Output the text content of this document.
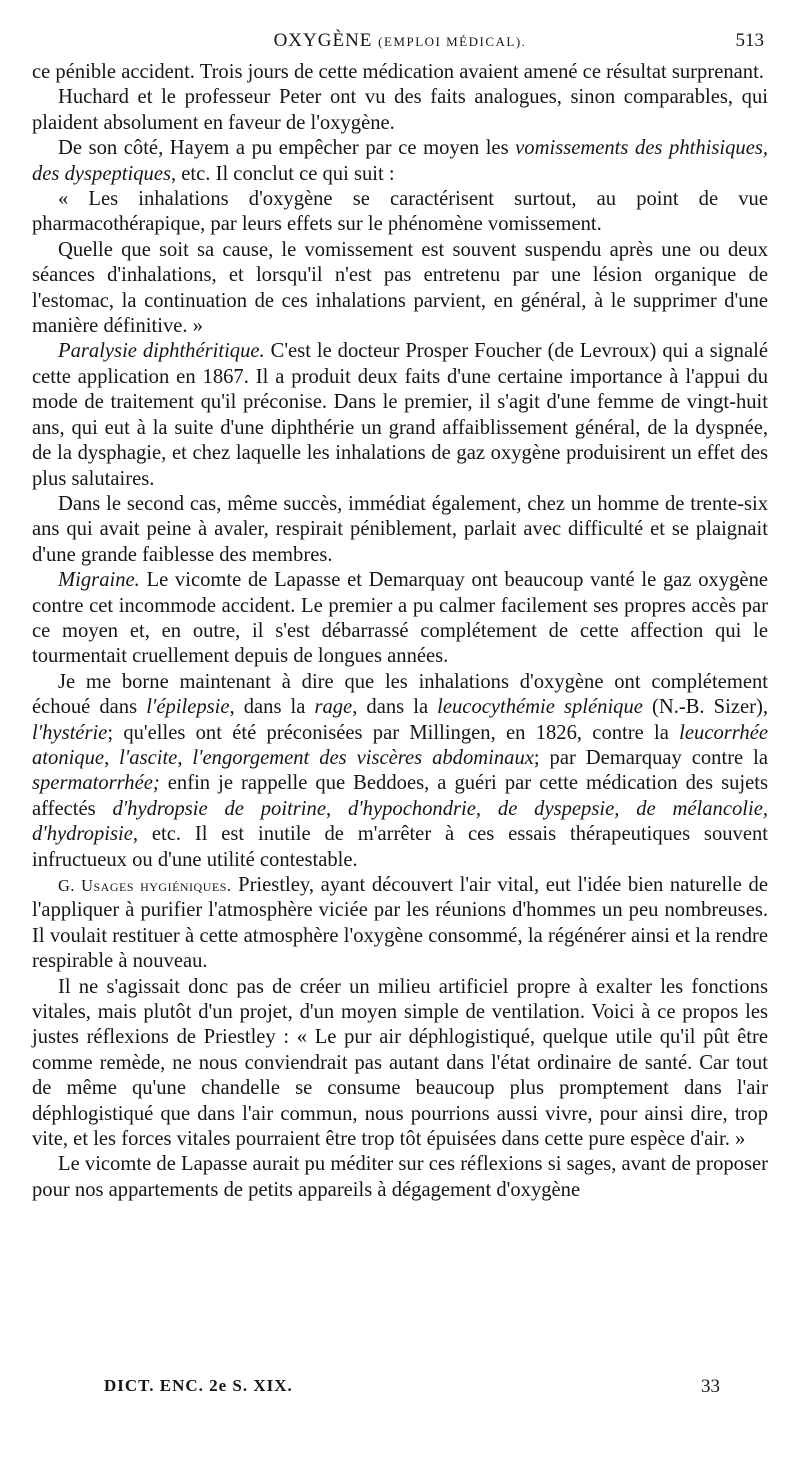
OXYGÈNE (EMPLOI MÉDICAL).	513

ce pénible accident. Trois jours de cette médication avaient amené ce résultat surprenant.

Huchard et le professeur Peter ont vu des faits analogues, sinon comparables, qui plaident absolument en faveur de l'oxygène.

De son côté, Hayem a pu empêcher par ce moyen les vomissements des phthisiques, des dyspeptiques, etc. Il conclut ce qui suit :

« Les inhalations d'oxygène se caractérisent surtout, au point de vue pharmacothérapique, par leurs effets sur le phénomène vomissement.

Quelle que soit sa cause, le vomissement est souvent suspendu après une ou deux séances d'inhalations, et lorsqu'il n'est pas entretenu par une lésion organique de l'estomac, la continuation de ces inhalations parvient, en général, à le supprimer d'une manière définitive. »

Paralysie diphthéritique. C'est le docteur Prosper Foucher (de Levroux) qui a signalé cette application en 1867. Il a produit deux faits d'une certaine importance à l'appui du mode de traitement qu'il préconise. Dans le premier, il s'agit d'une femme de vingt-huit ans, qui eut à la suite d'une diphthérie un grand affaiblissement général, de la dyspnée, de la dysphagie, et chez laquelle les inhalations de gaz oxygène produisirent un effet des plus salutaires.

Dans le second cas, même succès, immédiat également, chez un homme de trente-six ans qui avait peine à avaler, respirait péniblement, parlait avec difficulté et se plaignait d'une grande faiblesse des membres.

Migraine. Le vicomte de Lapasse et Demarquay ont beaucoup vanté le gaz oxygène contre cet incommode accident. Le premier a pu calmer facilement ses propres accès par ce moyen et, en outre, il s'est débarrassé complétement de cette affection qui le tourmentait cruellement depuis de longues années.

Je me borne maintenant à dire que les inhalations d'oxygène ont complétement échoué dans l'épilepsie, dans la rage, dans la leucocythémie splénique (N.-B. Sizer), l'hystérie; qu'elles ont été préconisées par Millingen, en 1826, contre la leucorrhée atonique, l'ascite, l'engorgement des viscères abdominaux; par Demarquay contre la spermatorrhée; enfin je rappelle que Beddoes, a guéri par cette médication des sujets affectés d'hydropsie de poitrine, d'hypochondrie, de dyspepsie, de mélancolie, d'hydropisie, etc. Il est inutile de m'arrêter à ces essais thérapeutiques souvent infructueux ou d'une utilité contestable.

G. Usages hygiéniques. Priestley, ayant découvert l'air vital, eut l'idée bien naturelle de l'appliquer à purifier l'atmosphère viciée par les réunions d'hommes un peu nombreuses. Il voulait restituer à cette atmosphère l'oxygène consommé, la régénérer ainsi et la rendre respirable à nouveau.

Il ne s'agissait donc pas de créer un milieu artificiel propre à exalter les fonctions vitales, mais plutôt d'un projet, d'un moyen simple de ventilation. Voici à ce propos les justes réflexions de Priestley : « Le pur air déphlogistiqué, quelque utile qu'il pût être comme remède, ne nous conviendrait pas autant dans l'état ordinaire de santé. Car tout de même qu'une chandelle se consume beaucoup plus promptement dans l'air déphlogistiqué que dans l'air commun, nous pourrions aussi vivre, pour ainsi dire, trop vite, et les forces vitales pourraient être trop tôt épuisées dans cette pure espèce d'air. »

Le vicomte de Lapasse aurait pu méditer sur ces réflexions si sages, avant de proposer pour nos appartements de petits appareils à dégagement d'oxygène

DICT. ENC. 2e S. XIX.	33
